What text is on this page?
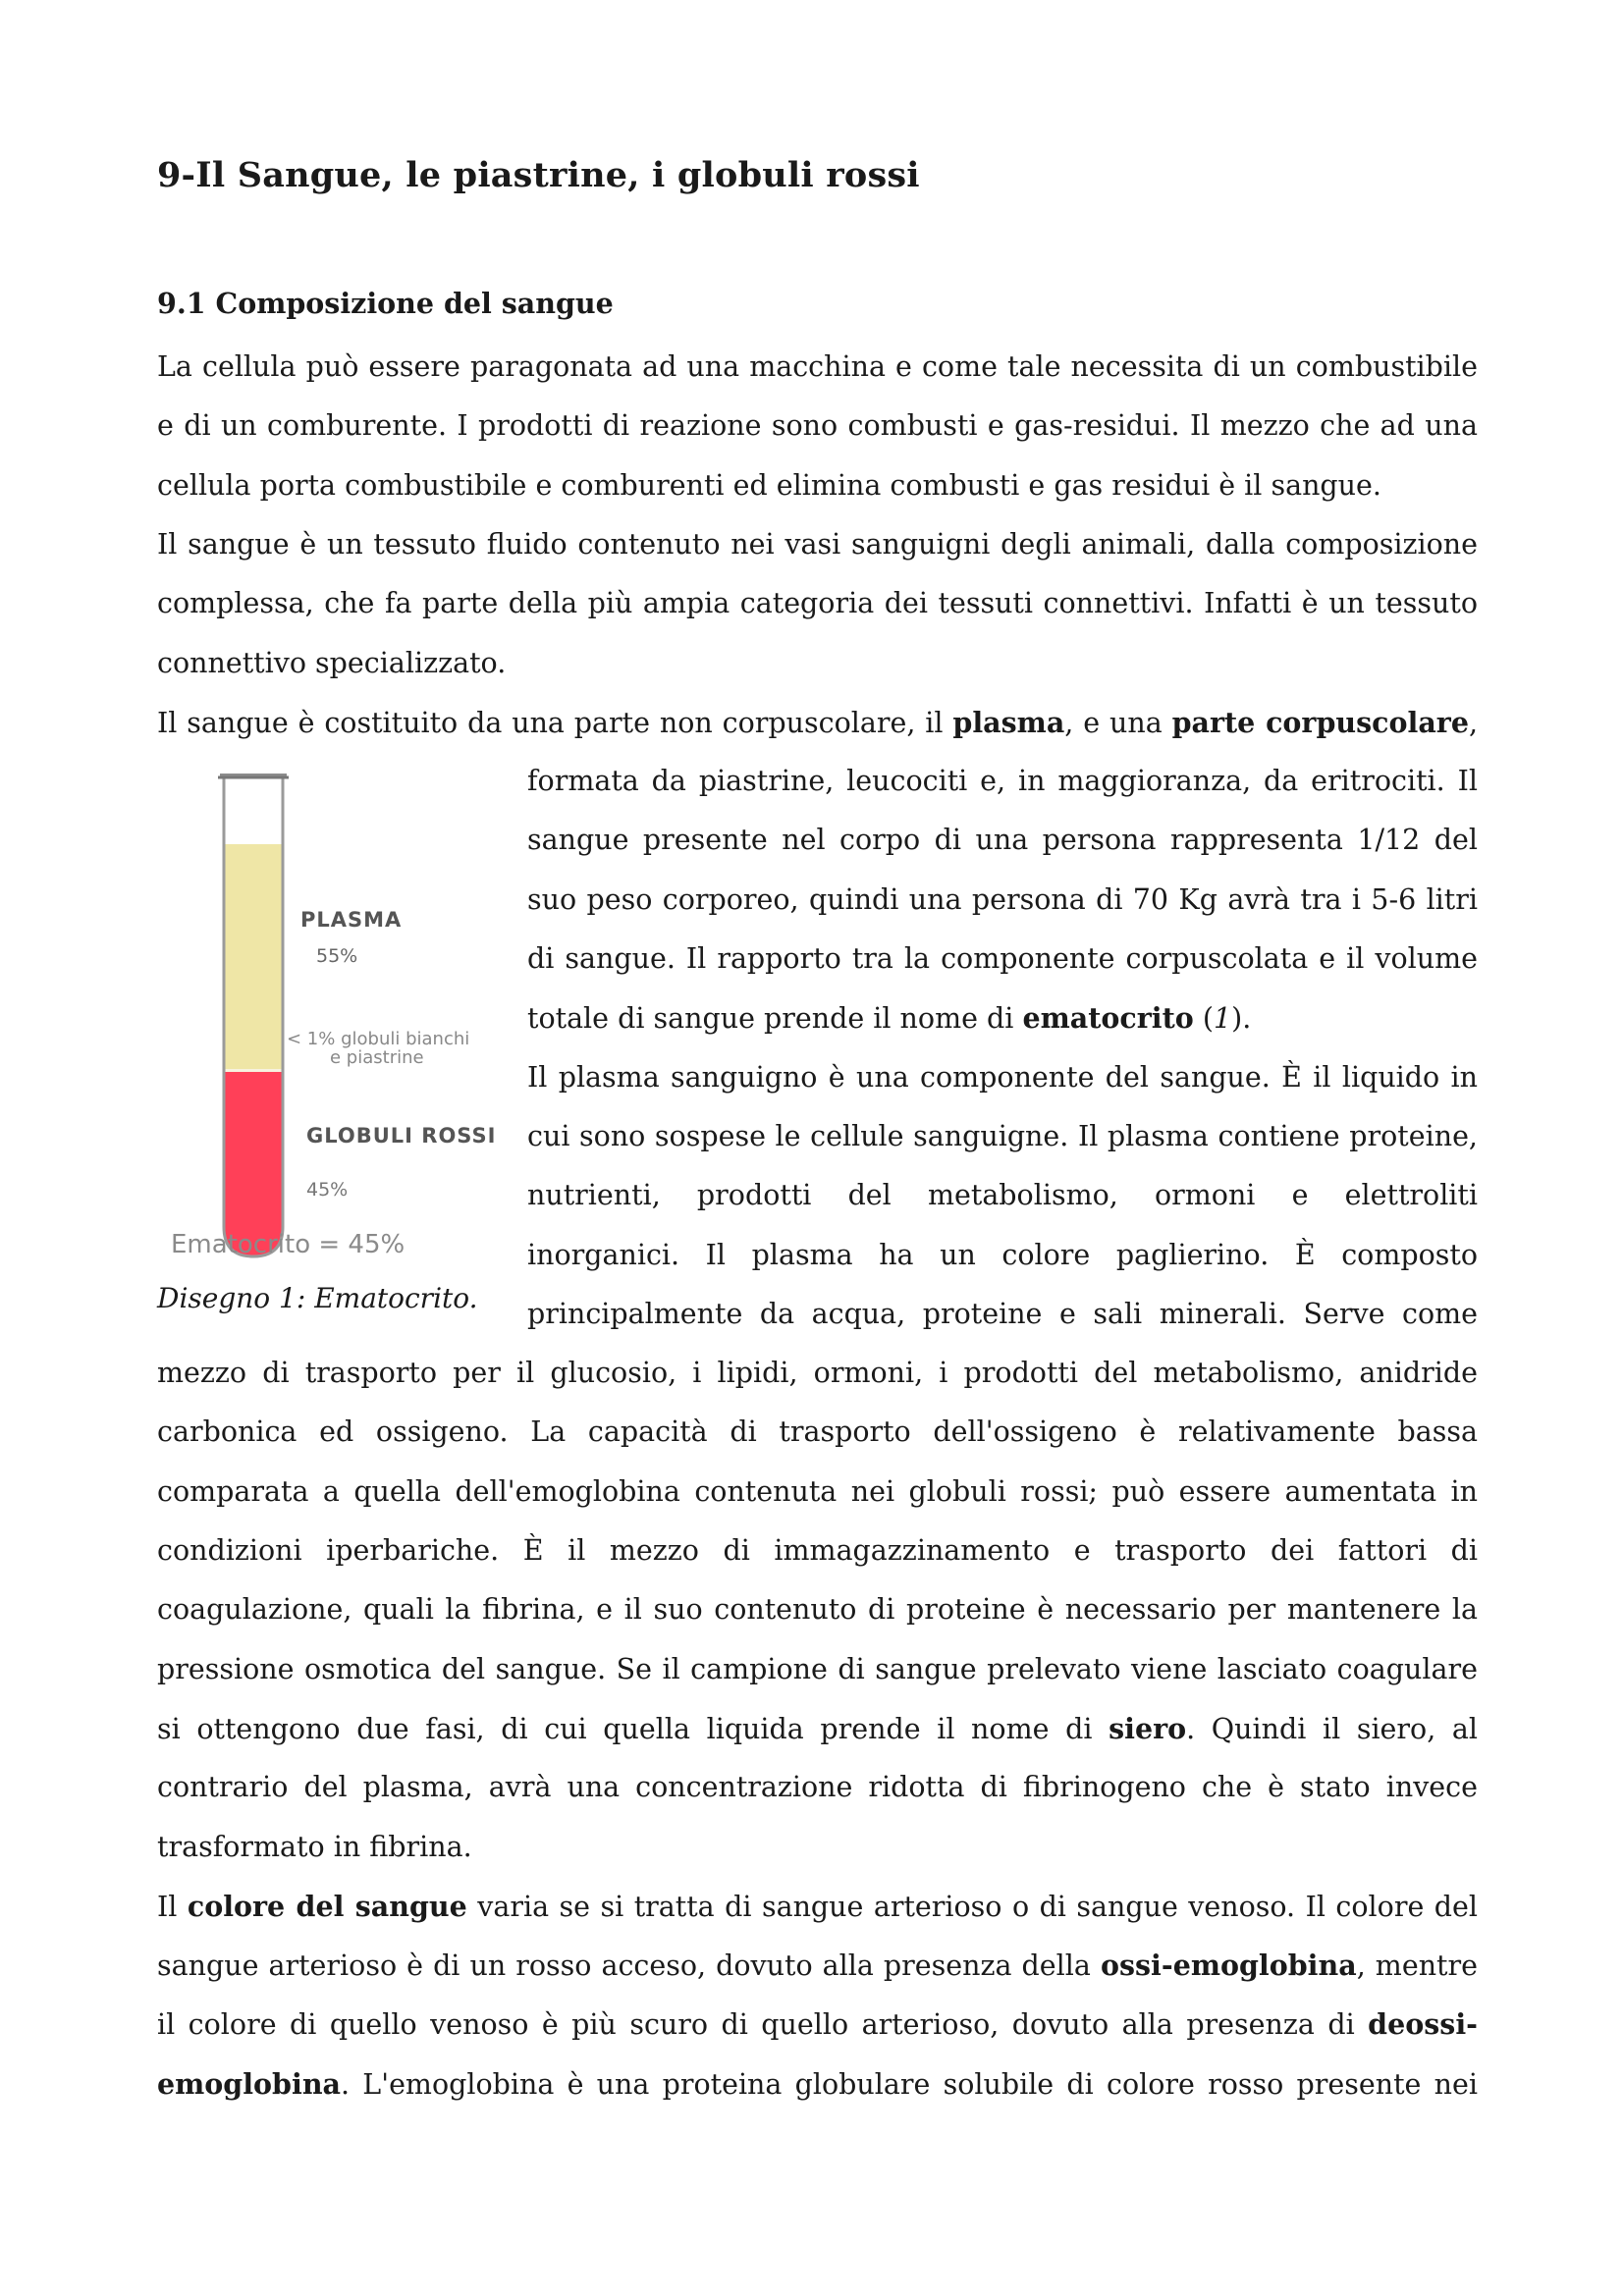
9-Il Sangue, le piastrine, i globuli rossi
9.1 Composizione del sangue
La cellula può essere paragonata ad una macchina e come tale necessita di un combustibile
e di un comburente. I prodotti di reazione sono combusti e gas-residui. Il mezzo che ad una
cellula porta combustibile e comburenti ed elimina combusti e gas residui è il sangue.
Il sangue è un tessuto fluido contenuto nei vasi sanguigni degli animali, dalla composizione
complessa, che fa parte della più ampia categoria dei tessuti connettivi. Infatti è un tessuto
connettivo specializzato.
Il sangue è costituito da una parte non corpuscolare, il plasma, e una parte corpuscolare,
formata da piastrine, leucociti e, in maggioranza, da eritrociti. Il
sangue presente nel corpo di una persona rappresenta 1/12 del
suo peso corporeo, quindi una persona di 70 Kg avrà tra i 5-6 litri
di sangue. Il rapporto tra la componente corpuscolata e il volume
totale di sangue prende il nome di ematocrito (1).
Il plasma sanguigno è una componente del sangue. È il liquido in
cui sono sospese le cellule sanguigne. Il plasma contiene proteine,
nutrienti, prodotti del metabolismo, ormoni e elettroliti
inorganici. Il plasma ha un colore paglierino. È composto
principalmente da acqua, proteine e sali minerali. Serve come
mezzo di trasporto per il glucosio, i lipidi, ormoni, i prodotti del metabolismo, anidride
carbonica ed ossigeno. La capacità di trasporto dell'ossigeno è relativamente bassa
comparata a quella dell'emoglobina contenuta nei globuli rossi; può essere aumentata in
condizioni iperbariche. È il mezzo di immagazzinamento e trasporto dei fattori di
coagulazione, quali la fibrina, e il suo contenuto di proteine è necessario per mantenere la
pressione osmotica del sangue. Se il campione di sangue prelevato viene lasciato coagulare
si ottengono due fasi, di cui quella liquida prende il nome di siero. Quindi il siero, al
contrario del plasma, avrà una concentrazione ridotta di fibrinogeno che è stato invece
trasformato in fibrina.
Il colore del sangue varia se si tratta di sangue arterioso o di sangue venoso. Il colore del
sangue arterioso è di un rosso acceso, dovuto alla presenza della ossi-emoglobina, mentre
il colore di quello venoso è più scuro di quello arterioso, dovuto alla presenza di deossi-
emoglobina. L'emoglobina è una proteina globulare solubile di colore rosso presente nei
PLASMA
55%
< 1% globuli bianchi
e piastrine
GLOBULI ROSSI
45%
Ematocrito = 45%
Disegno 1: Ematocrito.
